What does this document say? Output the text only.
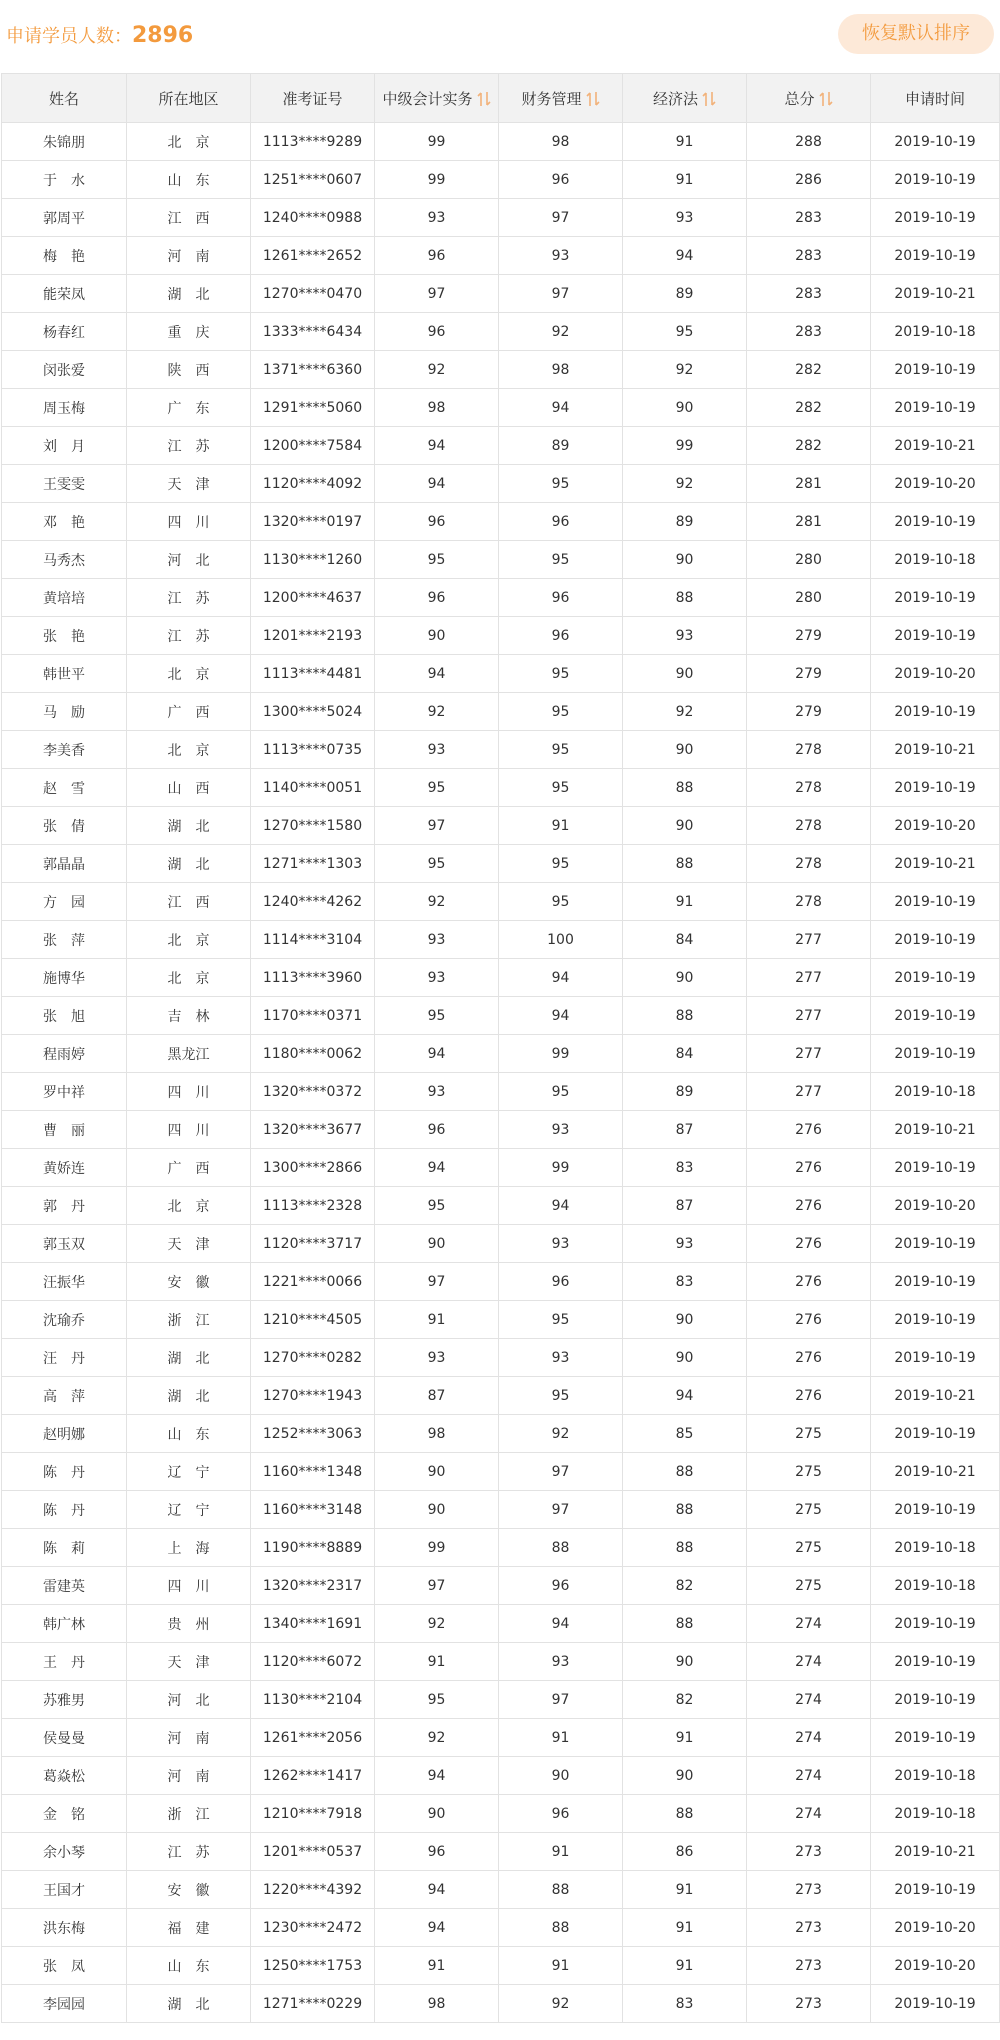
申请学员人数：2896	恢复默认排序
姓名	所在地区	准考证号	中级会计实务	财务管理	经济法	总分	申请时间
朱锦朋	北　京	1113****9289	99	98	91	288	2019-10-19
于　水	山　东	1251****0607	99	96	91	286	2019-10-19
郭周平	江　西	1240****0988	93	97	93	283	2019-10-19
梅　艳	河　南	1261****2652	96	93	94	283	2019-10-19
能荣凤	湖　北	1270****0470	97	97	89	283	2019-10-21
杨春红	重　庆	1333****6434	96	92	95	283	2019-10-18
闵张爱	陕　西	1371****6360	92	98	92	282	2019-10-19
周玉梅	广　东	1291****5060	98	94	90	282	2019-10-19
刘　月	江　苏	1200****7584	94	89	99	282	2019-10-21
王雯雯	天　津	1120****4092	94	95	92	281	2019-10-20
邓　艳	四　川	1320****0197	96	96	89	281	2019-10-19
马秀杰	河　北	1130****1260	95	95	90	280	2019-10-18
黄培培	江　苏	1200****4637	96	96	88	280	2019-10-19
张　艳	江　苏	1201****2193	90	96	93	279	2019-10-19
韩世平	北　京	1113****4481	94	95	90	279	2019-10-20
马　励	广　西	1300****5024	92	95	92	279	2019-10-19
李美香	北　京	1113****0735	93	95	90	278	2019-10-21
赵　雪	山　西	1140****0051	95	95	88	278	2019-10-19
张　倩	湖　北	1270****1580	97	91	90	278	2019-10-20
郭晶晶	湖　北	1271****1303	95	95	88	278	2019-10-21
方　园	江　西	1240****4262	92	95	91	278	2019-10-19
张　萍	北　京	1114****3104	93	100	84	277	2019-10-19
施博华	北　京	1113****3960	93	94	90	277	2019-10-19
张　旭	吉　林	1170****0371	95	94	88	277	2019-10-19
程雨婷	黑龙江	1180****0062	94	99	84	277	2019-10-19
罗中祥	四　川	1320****0372	93	95	89	277	2019-10-18
曹　丽	四　川	1320****3677	96	93	87	276	2019-10-21
黄娇连	广　西	1300****2866	94	99	83	276	2019-10-19
郭　丹	北　京	1113****2328	95	94	87	276	2019-10-20
郭玉双	天　津	1120****3717	90	93	93	276	2019-10-19
汪振华	安　徽	1221****0066	97	96	83	276	2019-10-19
沈瑜乔	浙　江	1210****4505	91	95	90	276	2019-10-19
汪　丹	湖　北	1270****0282	93	93	90	276	2019-10-19
高　萍	湖　北	1270****1943	87	95	94	276	2019-10-21
赵明娜	山　东	1252****3063	98	92	85	275	2019-10-19
陈　丹	辽　宁	1160****1348	90	97	88	275	2019-10-21
陈　丹	辽　宁	1160****3148	90	97	88	275	2019-10-19
陈　莉	上　海	1190****8889	99	88	88	275	2019-10-18
雷建英	四　川	1320****2317	97	96	82	275	2019-10-18
韩广林	贵　州	1340****1691	92	94	88	274	2019-10-19
王　丹	天　津	1120****6072	91	93	90	274	2019-10-19
苏雅男	河　北	1130****2104	95	97	82	274	2019-10-19
侯曼曼	河　南	1261****2056	92	91	91	274	2019-10-19
葛焱松	河　南	1262****1417	94	90	90	274	2019-10-18
金　铭	浙　江	1210****7918	90	96	88	274	2019-10-18
余小琴	江　苏	1201****0537	96	91	86	273	2019-10-21
王国才	安　徽	1220****4392	94	88	91	273	2019-10-19
洪东梅	福　建	1230****2472	94	88	91	273	2019-10-20
张　凤	山　东	1250****1753	91	91	91	273	2019-10-20
李园园	湖　北	1271****0229	98	92	83	273	2019-10-19
